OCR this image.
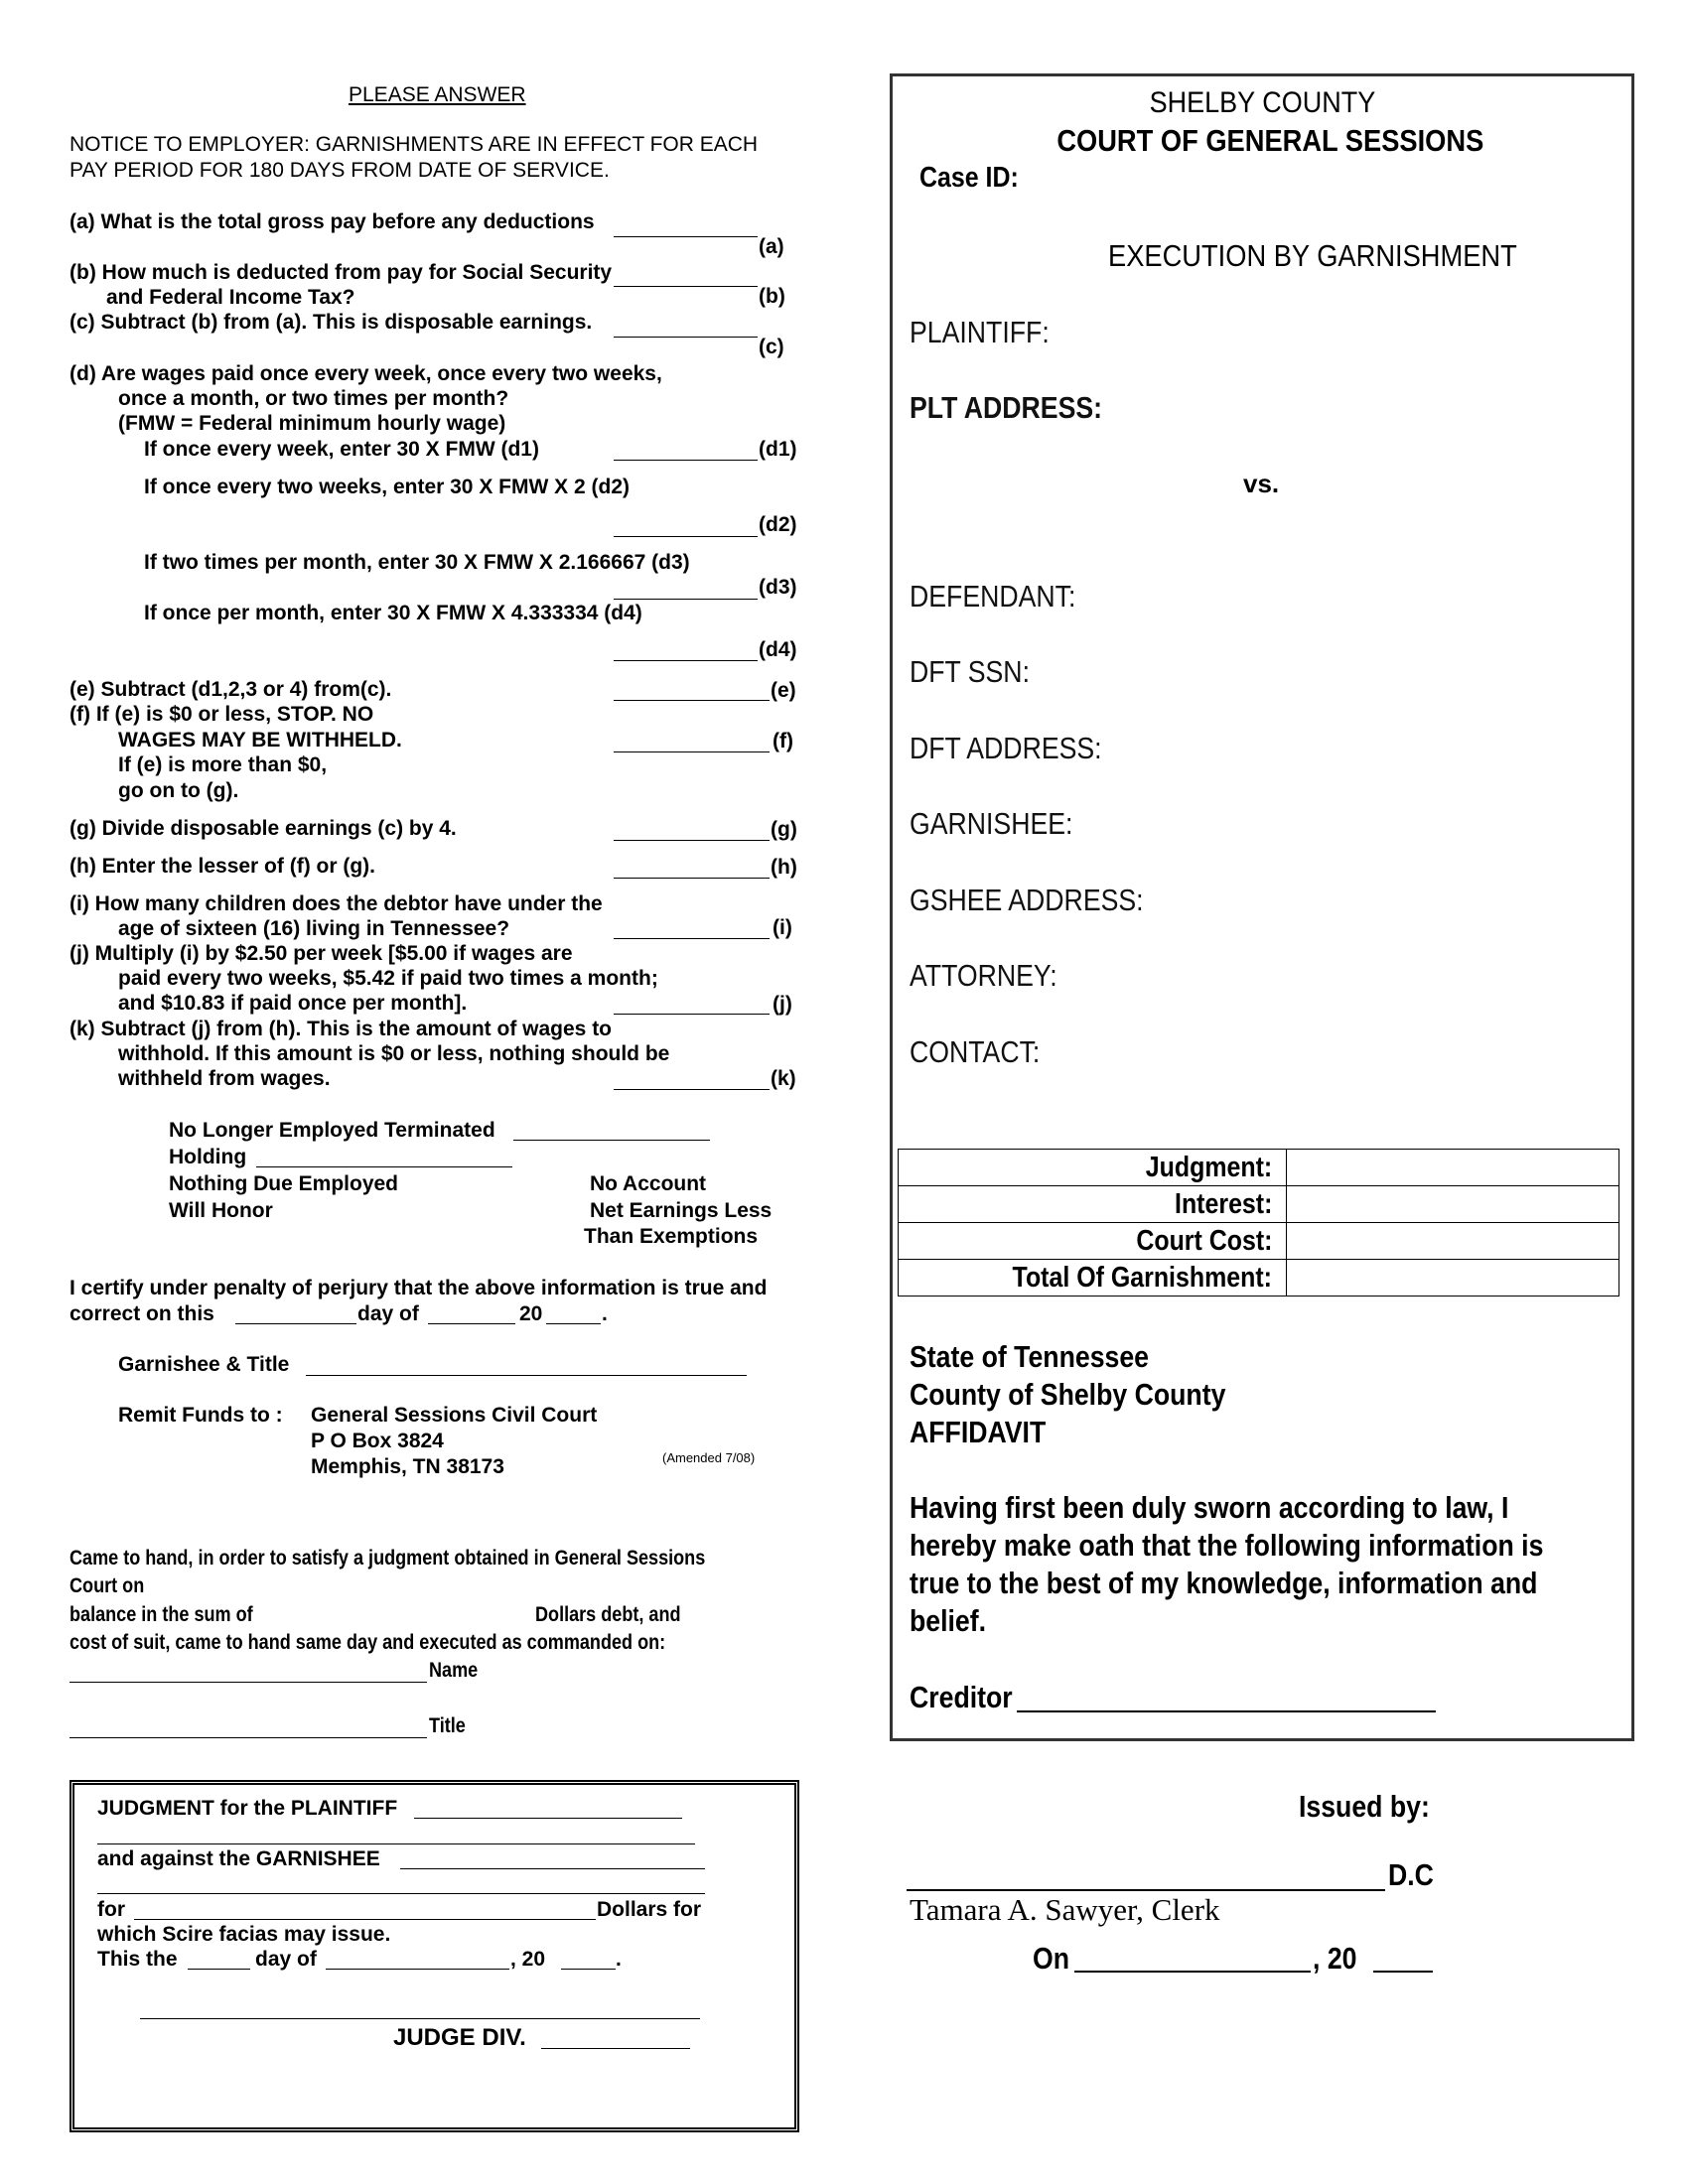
PLEASE ANSWER
NOTICE TO EMPLOYER: GARNISHMENTS ARE IN EFFECT FOR EACH
PAY PERIOD FOR 180 DAYS FROM DATE OF SERVICE.
(a) What is the total gross pay before any deductions
(a)
(b) How much is deducted from pay for Social Security
and Federal Income Tax?	(b)
(c) Subtract (b) from (a). This is disposable earnings.
(c)
(d) Are wages paid once every week, once every two weeks,
once a month, or two times per month?
(FMW = Federal minimum hourly wage)
If once every week, enter 30 X FMW (d1)	(d1)
If once every two weeks, enter 30 X FMW X 2 (d2)
(d2)
If two times per month, enter 30 X FMW X 2.166667 (d3)
(d3)
If once per month, enter 30 X FMW X 4.333334 (d4)
(d4)
(e) Subtract (d1,2,3 or 4) from(c).	(e)
(f) If (e) is $0 or less, STOP. NO
WAGES MAY BE WITHHELD.
If (e) is more than $0,
go on to (g).
(f)
(g) Divide disposable earnings (c) by 4.	(g)
(h) Enter the lesser of (f) or (g).	(h)
(i) How many children does the debtor have under the
age of sixteen (16) living in Tennessee?	(i)
(j) Multiply (i) by $2.50 per week [$5.00 if wages are
paid every two weeks, $5.42 if paid two times a month;
and $10.83 if paid once per month].	(j)
(k) Subtract (j) from (h). This is the amount of wages to
withhold. If this amount is $0 or less, nothing should be
withheld from wages.	(k)
No Longer Employed Terminated
Holding
Nothing Due Employed
Will Honor
No Account
Net Earnings Less
Than Exemptions
I certify under penalty of perjury that the above information is true and
correct on this	day of	20	.
Garnishee & Title
Remit Funds to : General Sessions Civil Court
P O Box 3824
Memphis, TN 38173	(Amended 7/08)
Came to hand, in order to satisfy a judgment obtained in General Sessions
Court on
balance in the sum of	Dollars debt, and
cost of suit, came to hand same day and executed as commanded on:
Name
Title
JUDGMENT for the PLAINTIFF
and against the GARNISHEE
for	Dollars for
which Scire facias may issue.
This the	day of	, 20	.
JUDGE DIV.
SHELBY COUNTY
COURT OF GENERAL SESSIONS
Case ID:
EXECUTION BY GARNISHMENT
PLAINTIFF:
PLT ADDRESS:
vs.
DEFENDANT:
DFT SSN:
DFT ADDRESS:
GARNISHEE:
GSHEE ADDRESS:
ATTORNEY:
CONTACT:
Judgment:	
Interest:	
Court Cost:	
Total Of Garnishment:	
State of Tennessee
County of Shelby County
AFFIDAVIT
Having first been duly sworn according to law, I
hereby make oath that the following information is
true to the best of my knowledge, information and
belief.
Creditor
Issued by:
D.C
Tamara A. Sawyer, Clerk
On	, 20
